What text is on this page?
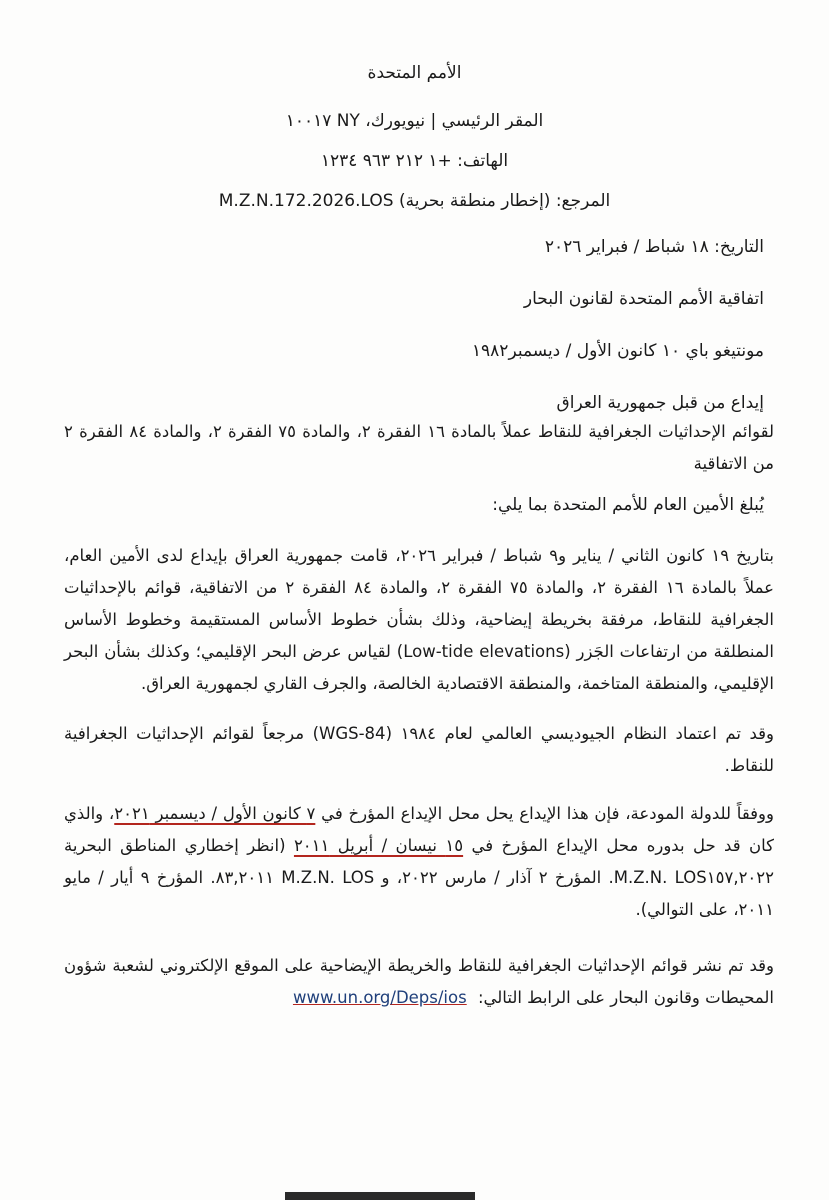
الأمم المتحدة
المقر الرئيسي | نيويورك، NY ١٠٠١٧
الهاتف: +١ ٢١٢ ٩٦٣ ١٢٣٤
المرجع: (إخطار منطقة بحرية) M.Z.N.172.2026.LOS
التاريخ: ١٨ شباط / فبراير ٢٠٢٦
اتفاقية الأمم المتحدة لقانون البحار
مونتيغو باي ١٠ كانون الأول / ديسمبر١٩٨٢
إيداع من قبل جمهورية العراق
لقوائم الإحداثيات الجغرافية للنقاط عملاً بالمادة ١٦ الفقرة ٢، والمادة ٧٥ الفقرة ٢، والمادة ٨٤ الفقرة ٢ من الاتفاقية
يُبلغ الأمين العام للأمم المتحدة بما يلي:
بتاريخ ١٩ كانون الثاني / يناير و٩ شباط / فبراير ٢٠٢٦، قامت جمهورية العراق بإيداع لدى الأمين العام، عملاً بالمادة ١٦ الفقرة ٢، والمادة ٧٥ الفقرة ٢، والمادة ٨٤ الفقرة ٢ من الاتفاقية، قوائم بالإحداثيات الجغرافية للنقاط، مرفقة بخريطة إيضاحية، وذلك بشأن خطوط الأساس المستقيمة وخطوط الأساس المنطلقة من ارتفاعات الجَزر (Low-tide elevations) لقياس عرض البحر الإقليمي؛ وكذلك بشأن البحر الإقليمي، والمنطقة المتاخمة، والمنطقة الاقتصادية الخالصة، والجرف القاري لجمهورية العراق.
وقد تم اعتماد النظام الجيوديسي العالمي لعام ١٩٨٤ (WGS-84) مرجعاً لقوائم الإحداثيات الجغرافية للنقاط.
ووفقاً للدولة المودعة، فإن هذا الإيداع يحل محل الإيداع المؤرخ في ٧ كانون الأول / ديسمبر ٢٠٢١، والذي كان قد حل بدوره محل الإيداع المؤرخ في ١٥ نيسان / أبريل ٢٠١١ (انظر إخطاري المناطق البحرية M.Z.N. LOS١٥٧,٢٠٢٢. المؤرخ ٢ آذار / مارس ٢٠٢٢، و M.Z.N. LOS ٨٣,٢٠١١. المؤرخ ٩ أيار / مايو ٢٠١١، على التوالي).
وقد تم نشر قوائم الإحداثيات الجغرافية للنقاط والخريطة الإيضاحية على الموقع الإلكتروني لشعبة شؤون المحيطات وقانون البحار على الرابط التالي: www.un.org/Deps/ios
